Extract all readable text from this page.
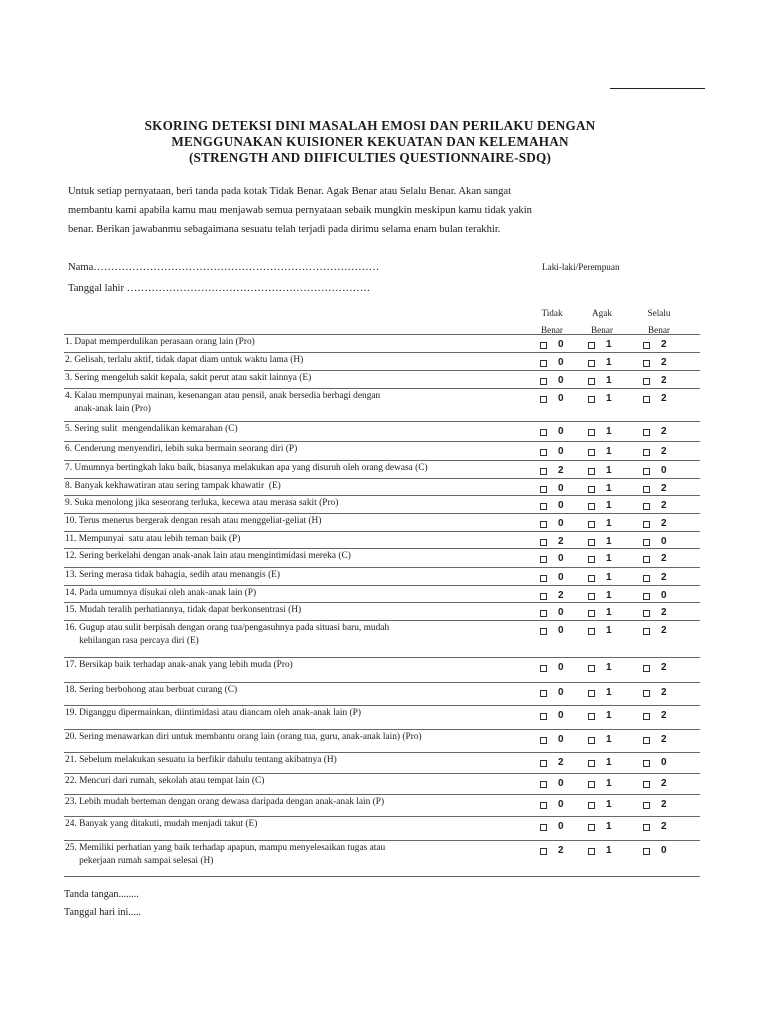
SKORING DETEKSI DINI MASALAH EMOSI DAN PERILAKU DENGAN
MENGGUNAKAN KUISIONER KEKUATAN DAN KELEMAHAN
(STRENGTH AND DIIFICULTIES QUESTIONNAIRE-SDQ)
Untuk setiap pernyataan, beri tanda pada kotak Tidak Benar. Agak Benar atau Selalu Benar. Akan sangat
membantu kami apabila kamu mau menjawab semua pernyataan sebaik mungkin meskipun kamu tidak yakin
benar. Berikan jawabanmu sebagaimana sesuatu telah terjadi pada dirimu selama enam bulan terakhir.
Nama………………………………………………………………………
Tanggal lahir ……………………………………………………………
Laki-laki/Perempuan
Tidak
Benar
Agak
Benar
Selalu
Benar
1. Dapat memperdulikan perasaan orang lain (Pro)	0	1	2
2. Gelisah, terlalu aktif, tidak dapat diam untuk waktu lama (H)	0	1	2
3. Sering mengeluh sakit kepala, sakit perut atau sakit lainnya (E)	0	1	2
4. Kalau mempunyai mainan, kesenangan atau pensil, anak bersedia berbagi dengan
anak-anak lain (Pro)
0	1	2
5. Sering sulit  mengendalikan kemarahan (C)	0	1	2
6. Cenderung menyendiri, lebih suka bermain seorang diri (P)	0	1	2
7. Umumnya bertingkah laku baik, biasanya melakukan apa yang disuruh oleh orang dewasa (C)	2	1	0
8. Banyak kekhawatiran atau sering tampak khawatir  (E)	0	1	2
9. Suka menolong jika seseorang terluka, kecewa atau merasa sakit (Pro)	0	1	2
10. Terus menerus bergerak dengan resah atau menggeliat-geliat (H)	0	1	2
11. Mempunyai  satu atau lebih teman baik (P)	2	1	0
12. Sering berkelahi dengan anak-anak lain atau mengintimidasi mereka (C)	0	1	2
13. Sering merasa tidak bahagia, sedih atau menangis (E)	0	1	2
14. Pada umumnya disukai oleh anak-anak lain (P)	2	1	0
15. Mudah teralih perhatiannya, tidak dapat berkonsentrasi (H)	0	1	2
16. Gugup atau sulit berpisah dengan orang tua/pengasuhnya pada situasi baru, mudah
kehilangan rasa percaya diri (E)
0	1	2
17. Bersikap baik terhadap anak-anak yang lebih muda (Pro)	0	1	2
18. Sering berbohong atau berbuat curang (C)	0	1	2
19. Diganggu dipermainkan, diintimidasi atau diancam oleh anak-anak lain (P)	0	1	2
20. Sering menawarkan diri untuk membantu orang lain (orang tua, guru, anak-anak lain) (Pro)	0	1	2
21. Sebelum melakukan sesuatu ia berfikir dahulu tentang akibatnya (H)	2	1	0
22. Mencuri dari rumah, sekolah atau tempat lain (C)	0	1	2
23. Lebih mudah berteman dengan orang dewasa daripada dengan anak-anak lain (P)	0	1	2
24. Banyak yang ditakuti, mudah menjadi takut (E)	0	1	2
25. Memiliki perhatian yang baik terhadap apapun, mampu menyelesaikan tugas atau
pekerjaan rumah sampai selesai (H)
2	1	0
Tanda tangan........
Tanggal hari ini.....
